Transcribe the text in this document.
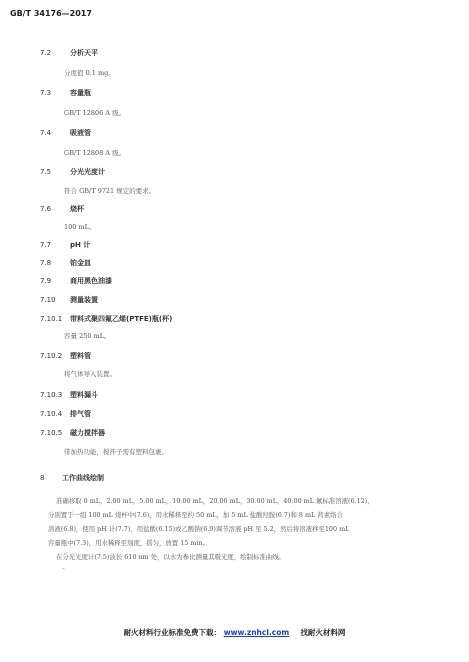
GB/T 34176—2017
7.2	分析天平
分度值 0.1 mg。
7.3	容量瓶
GB/T 12806 A 级。
7.4	吸液管
GB/T 12808 A 级。
7.5	分光光度计
符合 GB/T 9721 规定的要求。
7.6	烧杯
100 mL。
7.7	pH 计
7.8	铂金皿
7.9	商用黑色油漆
7.10 测量装置
7.10.1 带料式聚四氟乙烯(PTFE)瓶(杯)
容量 250 mL。
7.10.2 塑料管
将气体导入装置。
7.10.3 塑料漏斗
7.10.4 排气管
7.10.5 磁力搅拌器
带加热功能，搅拌子需有塑料包裹。
8	工作曲线绘制
准确移取 0 mL，2.00 mL，5.00 mL，10.00 mL，20.00 mL，30.00 mL，40.00 mL 氟标准溶液(6.12)，
分别置于一组 100 mL 烧杯中(7.6)，用水稀释至约 50 mL，加 5 mL 盐酸羟胺(6.7)和 8 mL 茜素络合
溶液(6.8)，使用 pH 计(7.7)，用盐酸(6.15)或乙酸钠(6.9)调节溶液 pH 至 5.2，然后将溶液移至100 mL
容量瓶中(7.3)，用水稀释至刻度，摇匀，放置 15 min。
在分光光度计(7.5)波长 610 nm 处，以水为参比测量其吸光度，绘制标准曲线。
˘
耐火材料行业标准免费下载： www.znhcl.com 找耐火材料网
